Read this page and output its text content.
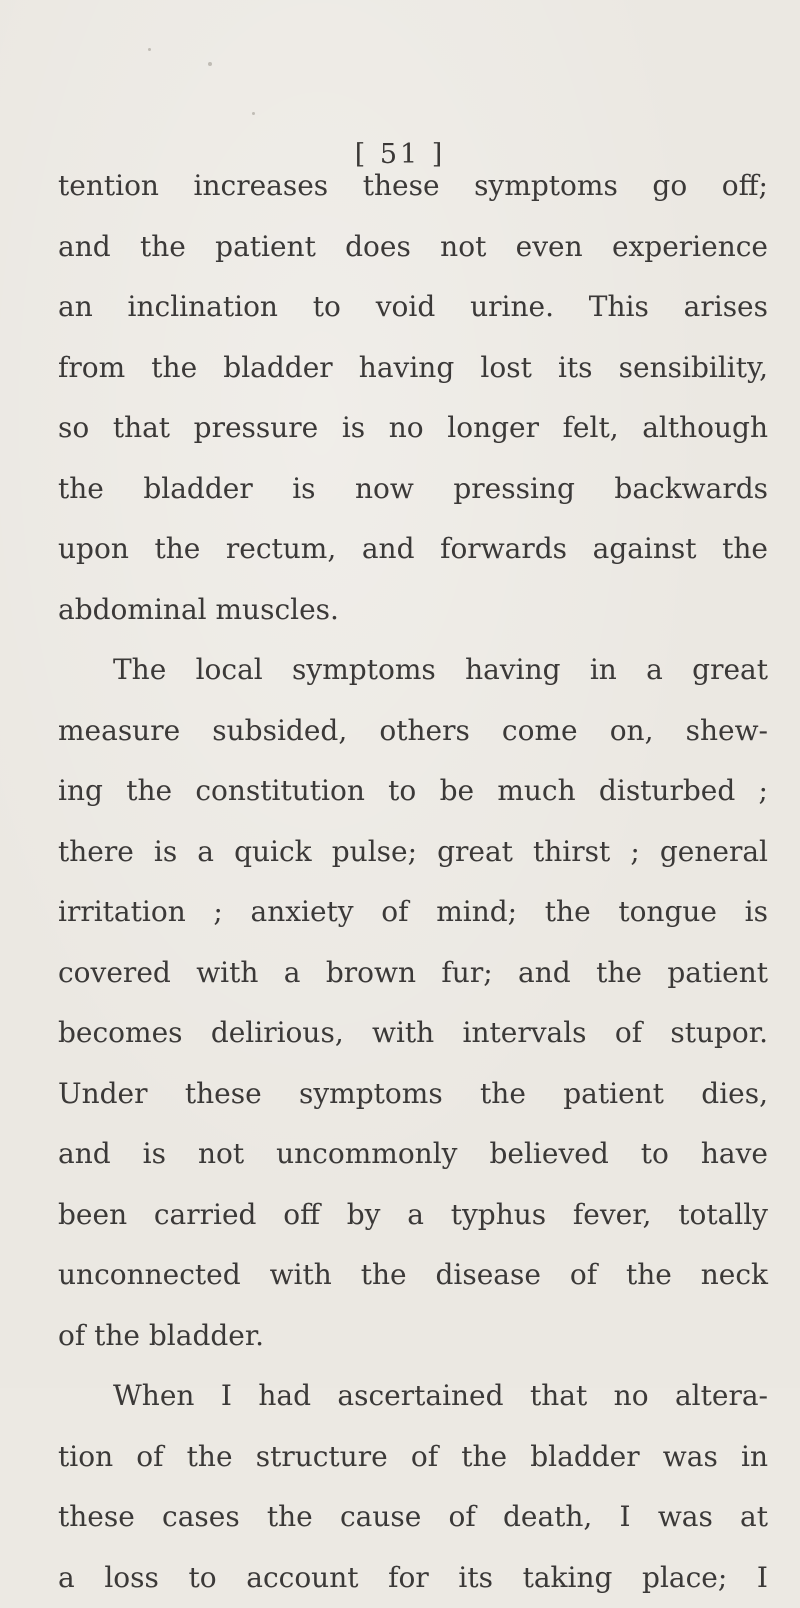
[ 51 ]
tention increases these symptoms go off;
and the patient does not even experience
an inclination to void urine. This arises
from the bladder having lost its sensibility,
so that pressure is no longer felt, although
the bladder is now pressing backwards
upon the rectum, and forwards against the
abdominal muscles.
The local symptoms having in a great
measure subsided, others come on, shew-
ing the constitution to be much disturbed ;
there is a quick pulse; great thirst ; general
irritation ; anxiety of mind; the tongue is
covered with a brown fur; and the patient
becomes delirious, with intervals of stupor.
Under these symptoms the patient dies,
and is not uncommonly believed to have
been carried off by a typhus fever, totally
unconnected with the disease of the neck
of the bladder.
When I had ascertained that no altera-
tion of the structure of the bladder was in
these cases the cause of death, I was at
a loss to account for its taking place; I
